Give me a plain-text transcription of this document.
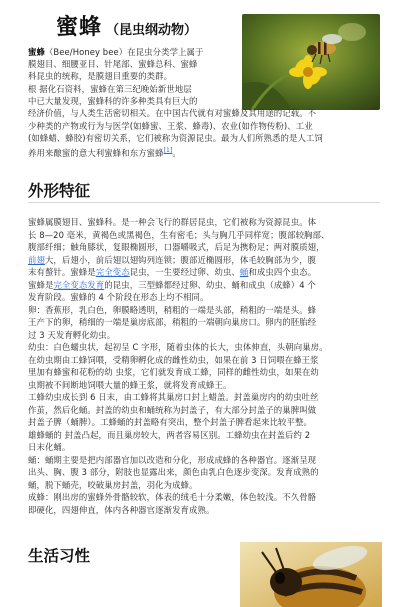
蜜蜂 （昆虫纲动物）

蜜蜂（Bee/Honey bee）在昆虫分类学上属于

膜翅目、细腰亚目、针尾部、蜜蜂总科、蜜蜂

科昆虫的统称，是膜翅目重要的类群。

根 据化石资料，蜜蜂在第三纪晚始新世地层

中已大量发现，蜜蜂科的许多种类具有巨大的

经济价值，与人类生活密切相关。在中国古代就有对蜜蜂及其用途的记载。不

少种类的产物或行为与医学(如蜂蜜、王浆、蜂毒)、农业(如作物传粉)、工业

(如蜂蜡、蜂胶)有密切关系，它们被称为资源昆虫。最为人们所熟悉的是人工饲

养用来酿蜜的意大利蜜蜂和东方蜜蜂[1]。

外形特征

蜜蜂属膜翅目、蜜蜂科。是一种会飞行的群居昆虫，它们被称为资源昆虫。体

长 8—20 毫米，黄褐色或黑褐色，生有密毛；头与胸几乎同样宽；腹部较胸部、

腹部纤细；触角膝状，复眼椭圆形，口器嚼吸式，后足为携粉足；两对膜质翅，

前翅大，后翅小，前后翅以翅钩列连锁；腹部近椭圆形，体毛较胸部为少，腹

末有螯针。蜜蜂是完全变态昆虫，一生要经过卵、幼虫、蛹和成虫四个虫态。

蜜蜂是完全变态发育的昆虫，三型蜂都经过卵、幼虫、蛹和成虫（成蜂）4 个

发育阶段。蜜蜂的 4 个阶段在形态上均不相同。

卵：香蕉形，乳白色，卵膜略透明，稍粗的一端是头部，稍粗的一端是头。蜂

王产下的卵，稍细的一端是巢房底部，稍粗的一端朝向巢房口。卵内的胚胎经

过 3 天发育孵化幼虫。

幼虫：白色蠕虫状，起初呈 C 字形，随着虫体的长大，虫体伸直，头朝向巢房。

在幼虫期由工蜂饲喂，受精卵孵化成的雌性幼虫，如果在前 3 日饲喂在蜂王浆

里加有蜂蜜和花粉的幼 虫浆，它们就发育成工蜂，同样的雌性幼虫，如果在幼

虫期被不间断地饲喂大量的蜂王浆，就将发育成蜂王。

工蜂幼虫成长到 6 日末，由工蜂将其巢房口封上蜡盖。封盖巢房内的幼虫吐丝

作茧，然后化蛹。封盖的幼虫和蛹统称为封盖子，有大部分封盖子的巢脾叫做

封盖子脾（蛹脾）。工蜂蛹的封盖略有突出，整个封盖子脾看起来比较平整。

雄蜂蛹的 封盖凸起，而且巢房较大，两者容易区别。工蜂幼虫在封盖后约 2

日末化蛹。

蛹：蛹期主要是把内部器官加以改造和分化，形成成蜂的各种器官。逐渐呈现

出头、胸、腹 3 部分，附肢也显露出来，颜色由乳白色逐步变深。发育成熟的

蛹，脱下蛹壳，咬破巢房封盖，羽化为成蜂。

成蜂：刚出房的蜜蜂外骨骼较软，体表的绒毛十分柔嫩，体色较浅。不久骨骼

即硬化，四翅伸直，体内各种器官逐渐发育成熟。

生活习性
